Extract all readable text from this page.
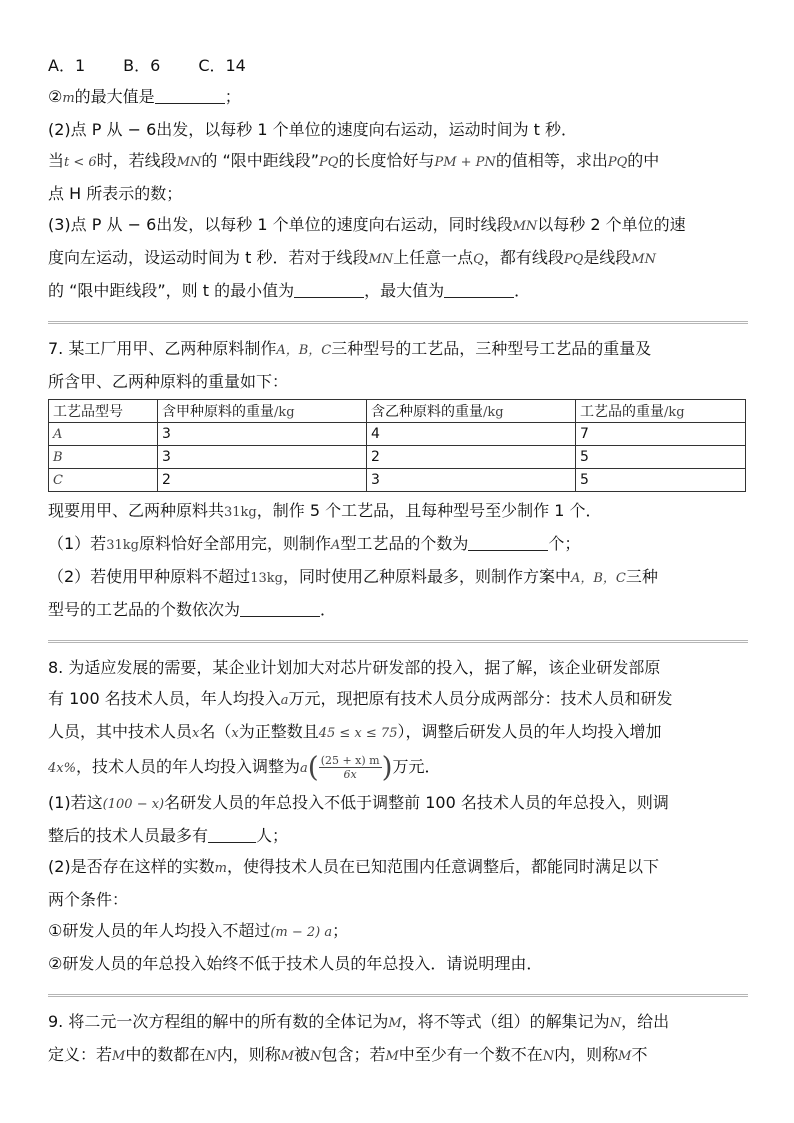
A．1 B．6 C．14
②m的最大值是	；
(2)点 P 从 − 6出发，以每秒 1 个单位的速度向右运动，运动时间为 t 秒．
当t < 6时，若线段MN的 “限中距线段”PQ的长度恰好与PM + PN的值相等，求出PQ的中
点 H 所表示的数；
(3)点 P 从 − 6出发，以每秒 1 个单位的速度向右运动，同时线段MN以每秒 2 个单位的速
度向左运动，设运动时间为 t 秒．若对于线段MN上任意一点Q，都有线段PQ是线段MN
的 “限中距线段”，则 t 的最小值为	，最大值为	．
7. 某工厂用甲、乙两种原料制作A，B，C三种型号的工艺品，三种型号工艺品的重量及
所含甲、乙两种原料的重量如下：
工艺品型号	含甲种原料的重量/kg	含乙种原料的重量/kg	工艺品的重量/kg
A	3	4	7
B	3	2	5
C	2	3	5
现要用甲、乙两种原料共31kg，制作 5 个工艺品，且每种型号至少制作 1 个．
（1）若31kg原料恰好全部用完，则制作A型工艺品的个数为	个；
（2）若使用甲种原料不超过13kg，同时使用乙种原料最多，则制作方案中A，B，C三种
型号的工艺品的个数依次为	．
8. 为适应发展的需要，某企业计划加大对芯片研发部的投入，据了解，该企业研发部原
有 100 名技术人员，年人均投入a万元，现把原有技术人员分成两部分：技术人员和研发
人员，其中技术人员x名（x为正整数且45 ≤ x ≤ 75），调整后研发人员的年人均投入增加
4x%，技术人员的年人均投入调整为$a( \frac{(25 + x) m}{6x}$ )万元．
(1)若这(100 − x)名研发人员的年总投入不低于调整前 100 名技术人员的年总投入，则调
整后的技术人员最多有	人；
(2)是否存在这样的实数m，使得技术人员在已知范围内任意调整后，都能同时满足以下
两个条件：
①研发人员的年人均投入不超过(m − 2) a；
②研发人员的年总投入始终不低于技术人员的年总投入．请说明理由．
9. 将二元一次方程组的解中的所有数的全体记为M，将不等式（组）的解集记为N，给出
定义：若M中的数都在N内，则称M被N包含；若M中至少有一个数不在N内，则称M不
